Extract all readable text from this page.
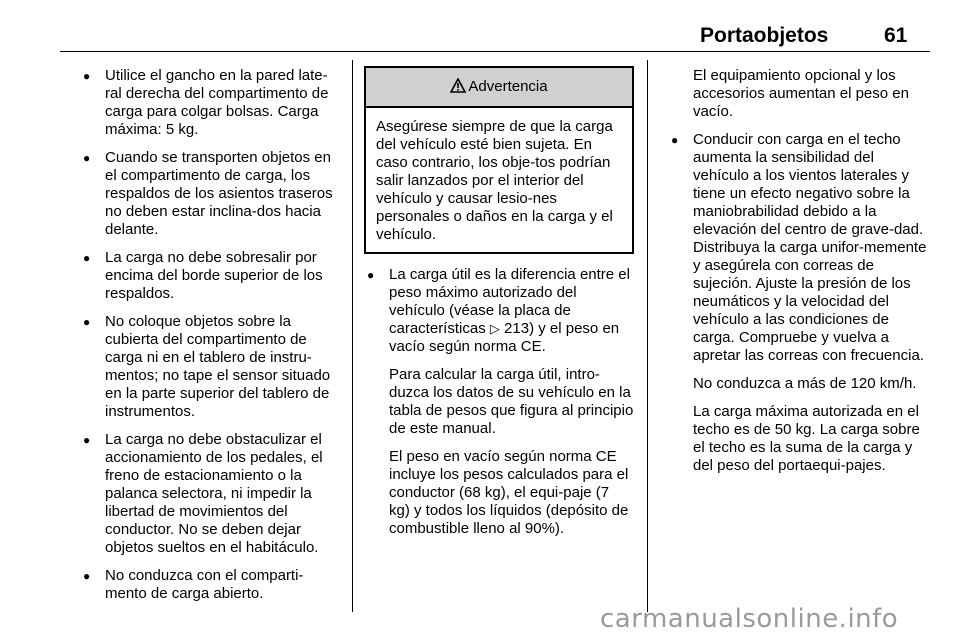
Portaobjetos	61
● Utilice el gancho en la pared late-ral derecha del compartimento de carga para colgar bolsas. Carga máxima: 5 kg.
● Cuando se transporten objetos en el compartimento de carga, los respaldos de los asientos traseros no deben estar inclina-dos hacia delante.
● La carga no debe sobresalir por encima del borde superior de los respaldos.
● No coloque objetos sobre la cubierta del compartimento de carga ni en el tablero de instru-mentos; no tape el sensor situado en la parte superior del tablero de instrumentos.
● La carga no debe obstaculizar el accionamiento de los pedales, el freno de estacionamiento o la palanca selectora, ni impedir la libertad de movimientos del conductor. No se deben dejar objetos sueltos en el habitáculo.
● No conduzca con el comparti-mento de carga abierto.
Advertencia
Asegúrese siempre de que la carga del vehículo esté bien sujeta. En caso contrario, los obje-tos podrían salir lanzados por el interior del vehículo y causar lesio-nes personales o daños en la carga y el vehículo.
● La carga útil es la diferencia entre el peso máximo autorizado del vehículo (véase la placa de características ▷ 213) y el peso en vacío según norma CE.
Para calcular la carga útil, intro-duzca los datos de su vehículo en la tabla de pesos que figura al principio de este manual.
El peso en vacío según norma CE incluye los pesos calculados para el conductor (68 kg), el equi-paje (7 kg) y todos los líquidos (depósito de combustible lleno al 90%).
El equipamiento opcional y los accesorios aumentan el peso en vacío.
● Conducir con carga en el techo aumenta la sensibilidad del vehículo a los vientos laterales y tiene un efecto negativo sobre la maniobrabilidad debido a la elevación del centro de grave-dad. Distribuya la carga unifor-memente y asegúrela con correas de sujeción. Ajuste la presión de los neumáticos y la velocidad del vehículo a las condiciones de carga. Compruebe y vuelva a apretar las correas con frecuencia.
No conduzca a más de 120 km/h.
La carga máxima autorizada en el techo es de 50 kg. La carga sobre el techo es la suma de la carga y del peso del portaequi-pajes.
carmanualsonline.info
